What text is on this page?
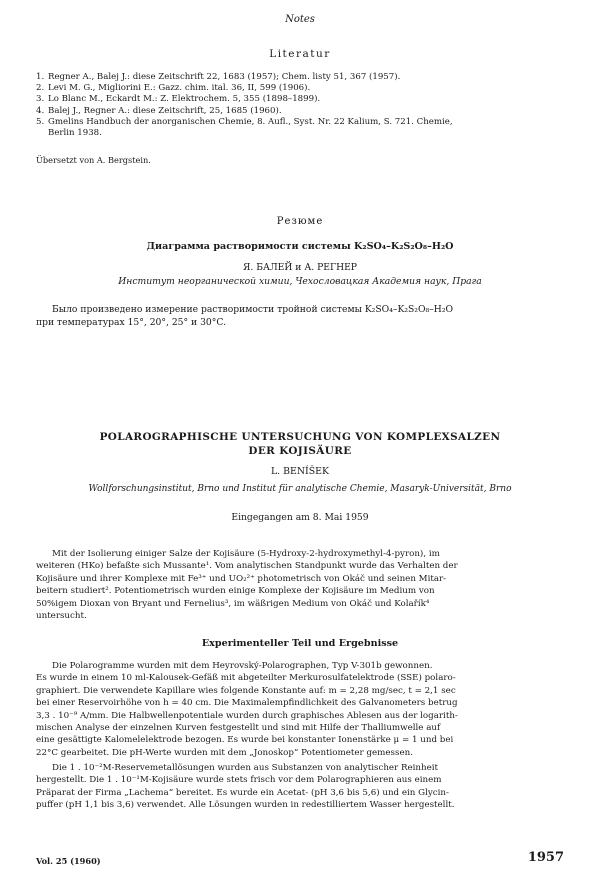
Notes
Literatur
1. Regner A., Balej J.: diese Zeitschrift 22, 1683 (1957); Chem. listy 51, 367 (1957).
2. Levi M. G., Migliorini E.: Gazz. chim. ital. 36, II, 599 (1906).
3. Lo Blanc M., Eckardt M.: Z. Elektrochem. 5, 355 (1898–1899).
4. Balej J., Regner A.: diese Zeitschrift, 25, 1685 (1960).
5. Gmelins Handbuch der anorganischen Chemie, 8. Aufl., Syst. Nr. 22 Kalium, S. 721. Chemie,
Berlin 1938.
Übersetzt von A. Bergstein.
Резюме
Диаграмма растворимости системы K₂SO₄–K₂S₂O₈–H₂O
Я. БАЛЕЙ и А. РЕГНЕР
Институт неорганической химии, Чехословацкая Академия наук, Прага
Было произведено измерение растворимости тройной системы K₂SO₄–K₂S₂O₈–H₂O
при температурах 15°, 20°, 25° и 30°C.
POLAROGRAPHISCHE UNTERSUCHUNG VON KOMPLEXSALZEN
DER KOJISÄURE
L. BENÍŠEK
Wollforschungsinstitut, Brno und Institut für analytische Chemie, Masaryk-Universität, Brno
Eingegangen am 8. Mai 1959
Mit der Isolierung einiger Salze der Kojisäure (5-Hydroxy-2-hydroxymethyl-4-pyron), im
weiteren (HKo) befaßte sich Mussante¹. Vom analytischen Standpunkt wurde das Verhalten der
Kojisäure und ihrer Komplexe mit Fe³⁺ und UO₂²⁺ photometrisch von Okáč und seinen Mitar-
beitern studiert². Potentiometrisch wurden einige Komplexe der Kojisäure im Medium von
50%igem Dioxan von Bryant und Fernelius³, im wäßrigen Medium von Okáč und Kolařík⁴
untersucht.
Experimenteller Teil und Ergebnisse
Die Polarogramme wurden mit dem Heyrovský-Polarographen, Typ V-301b gewonnen.
Es wurde in einem 10 ml-Kalousek-Gefäß mit abgeteilter Merkurosulfatelektrode (SSE) polaro-
graphiert. Die verwendete Kapillare wies folgende Konstante auf: m = 2,28 mg/sec, t = 2,1 sec
bei einer Reservoirhöhe von h = 40 cm. Die Maximalempfindlichkeit des Galvanometers betrug
3,3 . 10⁻⁹ A/mm. Die Halbwellenpotentiale wurden durch graphisches Ablesen aus der logarith-
mischen Analyse der einzelnen Kurven festgestellt und sind mit Hilfe der Thalliumwelle auf
eine gesättigte Kalomelelektrode bezogen. Es wurde bei konstanter Ionenstärke μ = 1 und bei
22°C gearbeitet. Die pH-Werte wurden mit dem „Jonoskop“ Potentiometer gemessen.
Die 1 . 10⁻²M-Reservemetallösungen wurden aus Substanzen von analytischer Reinheit
hergestellt. Die 1 . 10⁻¹M-Kojisäure wurde stets frisch vor dem Polarographieren aus einem
Präparat der Firma „Lachema“ bereitet. Es wurde ein Acetat- (pH 3,6 bis 5,6) und ein Glycin-
puffer (pH 1,1 bis 3,6) verwendet. Alle Lösungen wurden in redestilliertem Wasser hergestellt.
Vol. 25 (1960)	1957
